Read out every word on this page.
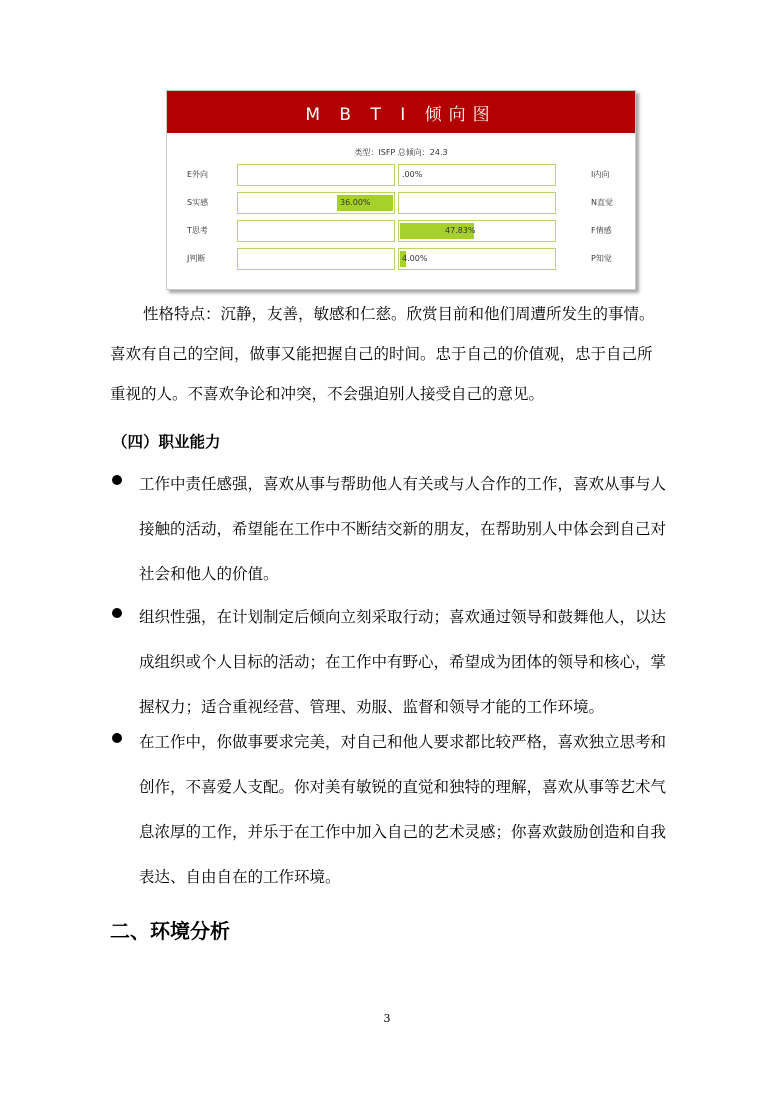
M B T I 倾向图
类型：ISFP 总倾向：24.3
E外向	.00%	I内向
S实感	36.00%	N直觉
T思考	47.83%	F情感
J判断	4.00%	P知觉
性格特点：沉静，友善，敏感和仁慈。欣赏目前和他们周遭所发生的事情。
喜欢有自己的空间，做事又能把握自己的时间。忠于自己的价值观，忠于自己所
重视的人。不喜欢争论和冲突，不会强迫别人接受自己的意见。
（四）职业能力
工作中责任感强，喜欢从事与帮助他人有关或与人合作的工作，喜欢从事与人
接触的活动，希望能在工作中不断结交新的朋友，在帮助别人中体会到自己对
社会和他人的价值。
组织性强，在计划制定后倾向立刻采取行动；喜欢通过领导和鼓舞他人，以达
成组织或个人目标的活动；在工作中有野心，希望成为团体的领导和核心，掌
握权力；适合重视经营、管理、劝服、监督和领导才能的工作环境。
在工作中，你做事要求完美，对自己和他人要求都比较严格，喜欢独立思考和
创作，不喜爱人支配。你对美有敏锐的直觉和独特的理解，喜欢从事等艺术气
息浓厚的工作，并乐于在工作中加入自己的艺术灵感；你喜欢鼓励创造和自我
表达、自由自在的工作环境。
二、环境分析
3
